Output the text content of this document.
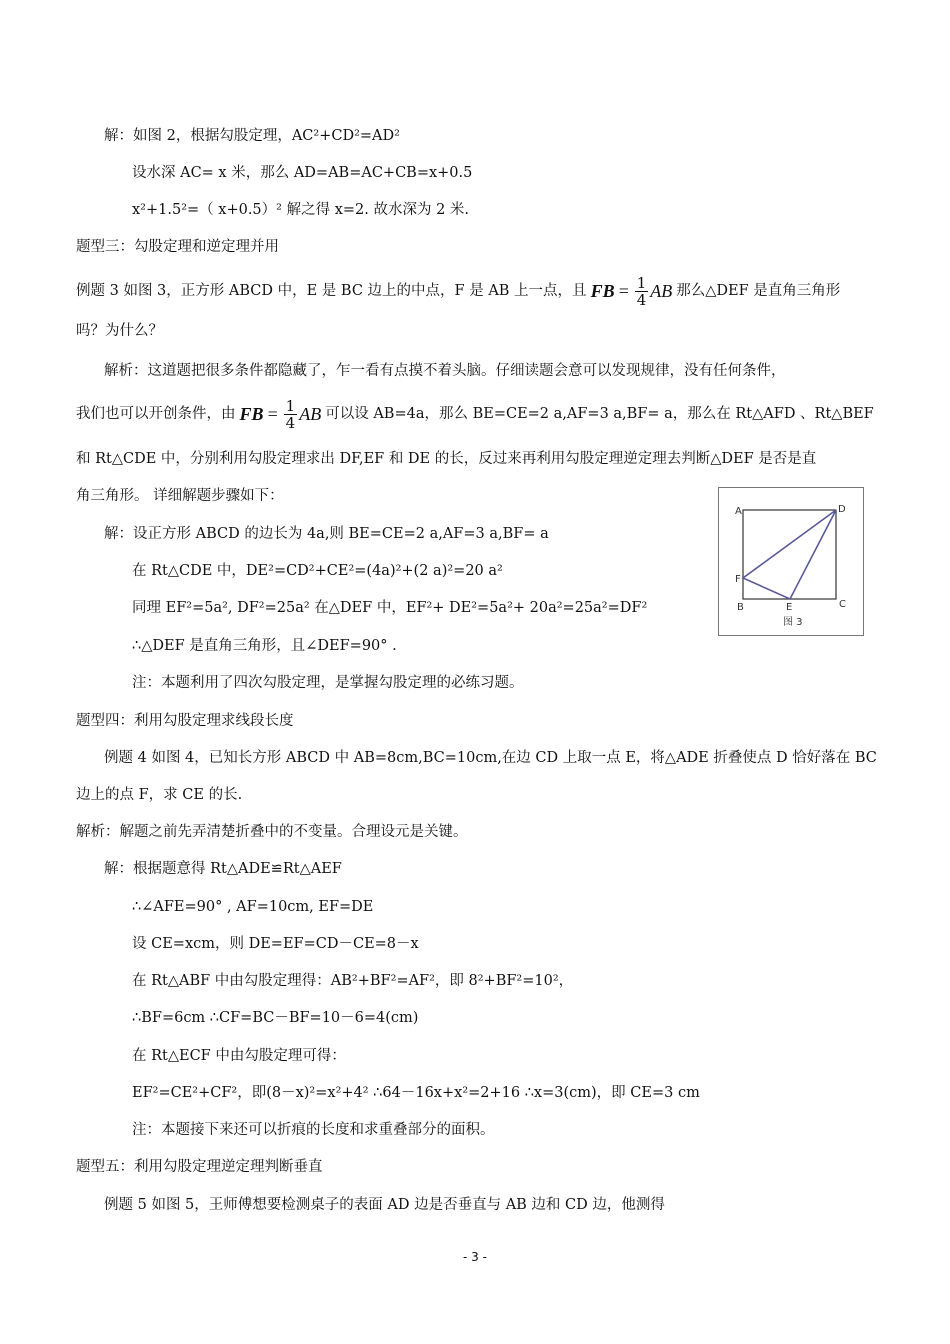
解：如图 2，根据勾股定理，AC²+CD²=AD²
设水深 AC= x 米，那么 AD=AB=AC+CB=x+0.5
x²+1.5²=（ x+0.5）² 解之得 x=2. 故水深为 2 米.
题型三：勾股定理和逆定理并用
例题 3 如图 3，正方形 ABCD 中，E 是 BC 边上的中点，F 是 AB 上一点，且 FB = $\frac{1}{4}$ AB 那么△DEF 是直角三角形
吗？为什么？
解析：这道题把很多条件都隐藏了，乍一看有点摸不着头脑。仔细读题会意可以发现规律，没有任何条件，
我们也可以开创条件，由 FB = $\frac{1}{4}$ AB 可以设 AB=4a，那么 BE=CE=2 a,AF=3 a,BF= a，那么在 Rt△AFD 、Rt△BEF
和 Rt△CDE 中，分别利用勾股定理求出 DF,EF 和 DE 的长，反过来再利用勾股定理逆定理去判断△DEF 是否是直
角三角形。 详细解题步骤如下：
解：设正方形 ABCD 的边长为 4a,则 BE=CE=2 a,AF=3 a,BF= a
在 Rt△CDE 中，DE²=CD²+CE²=(4a)²+(2 a)²=20 a²
同理 EF²=5a², DF²=25a² 在△DEF 中，EF²+ DE²=5a²+ 20a²=25a²=DF²
∴△DEF 是直角三角形，且∠DEF=90° .
注：本题利用了四次勾股定理，是掌握勾股定理的必练习题。
A	D
F
B	E	C
图 3
题型四：利用勾股定理求线段长度
例题 4 如图 4，已知长方形 ABCD 中 AB=8cm,BC=10cm,在边 CD 上取一点 E，将△ADE 折叠使点 D 恰好落在 BC
边上的点 F，求 CE 的长.
解析：解题之前先弄清楚折叠中的不变量。合理设元是关键。
解：根据题意得 Rt△ADE≌Rt△AEF
∴∠AFE=90° , AF=10cm, EF=DE
设 CE=xcm，则 DE=EF=CD－CE=8－x
在 Rt△ABF 中由勾股定理得：AB²+BF²=AF²，即 8²+BF²=10²，
∴BF=6cm ∴CF=BC－BF=10－6=4(cm)
在 Rt△ECF 中由勾股定理可得：
EF²=CE²+CF²，即(8－x)²=x²+4² ∴64－16x+x²=2+16 ∴x=3(cm)，即 CE=3 cm
注：本题接下来还可以折痕的长度和求重叠部分的面积。
题型五：利用勾股定理逆定理判断垂直
例题 5 如图 5，王师傅想要检测桌子的表面 AD 边是否垂直与 AB 边和 CD 边，他测得
- 3 -
